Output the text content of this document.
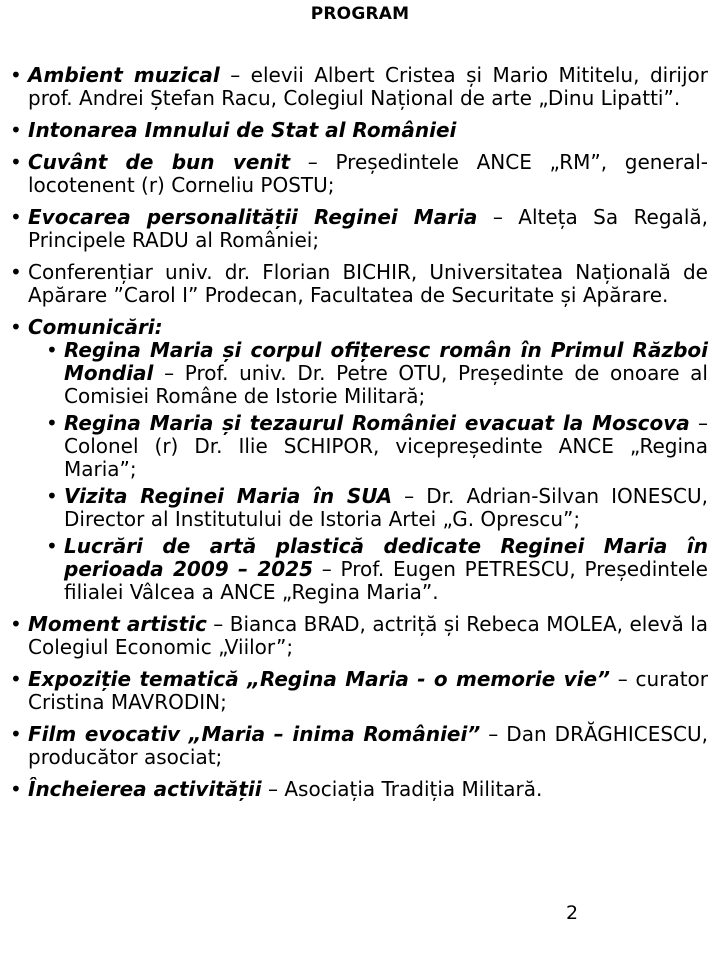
PROGRAM
• Ambient muzical – elevii Albert Cristea și Mario Mititelu, dirijor prof. Andrei Ștefan Racu, Colegiul Național de arte „Dinu Lipatti”.
• Intonarea Imnului de Stat al României
• Cuvânt de bun venit – Președintele ANCE „RM”, general-locotenent (r) Corneliu POSTU;
• Evocarea personalității Reginei Maria – Alteța Sa Regală, Principele RADU al României;
• Conferențiar univ. dr. Florian BICHIR, Universitatea Națională de Apărare ”Carol I” Prodecan, Facultatea de Securitate și Apărare.
• Comunicări:
• Regina Maria și corpul ofițeresc român în Primul Război Mondial – Prof. univ. Dr. Petre OTU, Președinte de onoare al Comisiei Române de Istorie Militară;
• Regina Maria și tezaurul României evacuat la Moscova – Colonel (r) Dr. Ilie SCHIPOR, vicepreședinte ANCE „Regina Maria”;
• Vizita Reginei Maria în SUA – Dr. Adrian-Silvan IONESCU, Director al Institutului de Istoria Artei „G. Oprescu”;
• Lucrări de artă plastică dedicate Reginei Maria în perioada 2009 – 2025 – Prof. Eugen PETRESCU, Președintele filialei Vâlcea a ANCE „Regina Maria”.
• Moment artistic – Bianca BRAD, actriță și Rebeca MOLEA, elevă la Colegiul Economic „Viilor”;
• Expoziție tematică „Regina Maria - o memorie vie” – curator Cristina MAVRODIN;
• Film evocativ „Maria – inima României” – Dan DRĂGHICESCU, producător asociat;
• Încheierea activității – Asociația Tradiția Militară.
2
